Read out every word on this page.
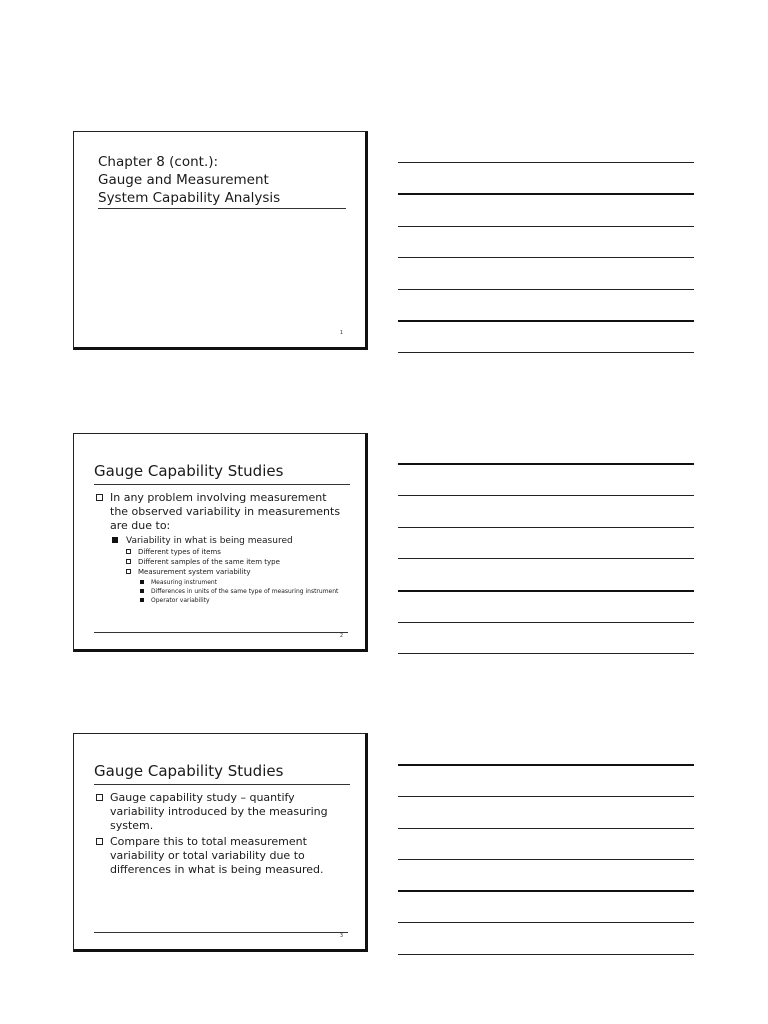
Chapter 8 (cont.):
Gauge and Measurement
System Capability Analysis
1
Gauge Capability Studies
In any problem involving measurement the observed variability in measurements are due to:
Variability in what is being measured
Different types of items
Different samples of the same item type
Measurement system variability
Measuring instrument
Differences in units of the same type of measuring instrument
Operator variability
2
Gauge Capability Studies
Gauge capability study – quantify variability introduced by the measuring system.
Compare this to total measurement variability or total variability due to differences in what is being measured.
3
